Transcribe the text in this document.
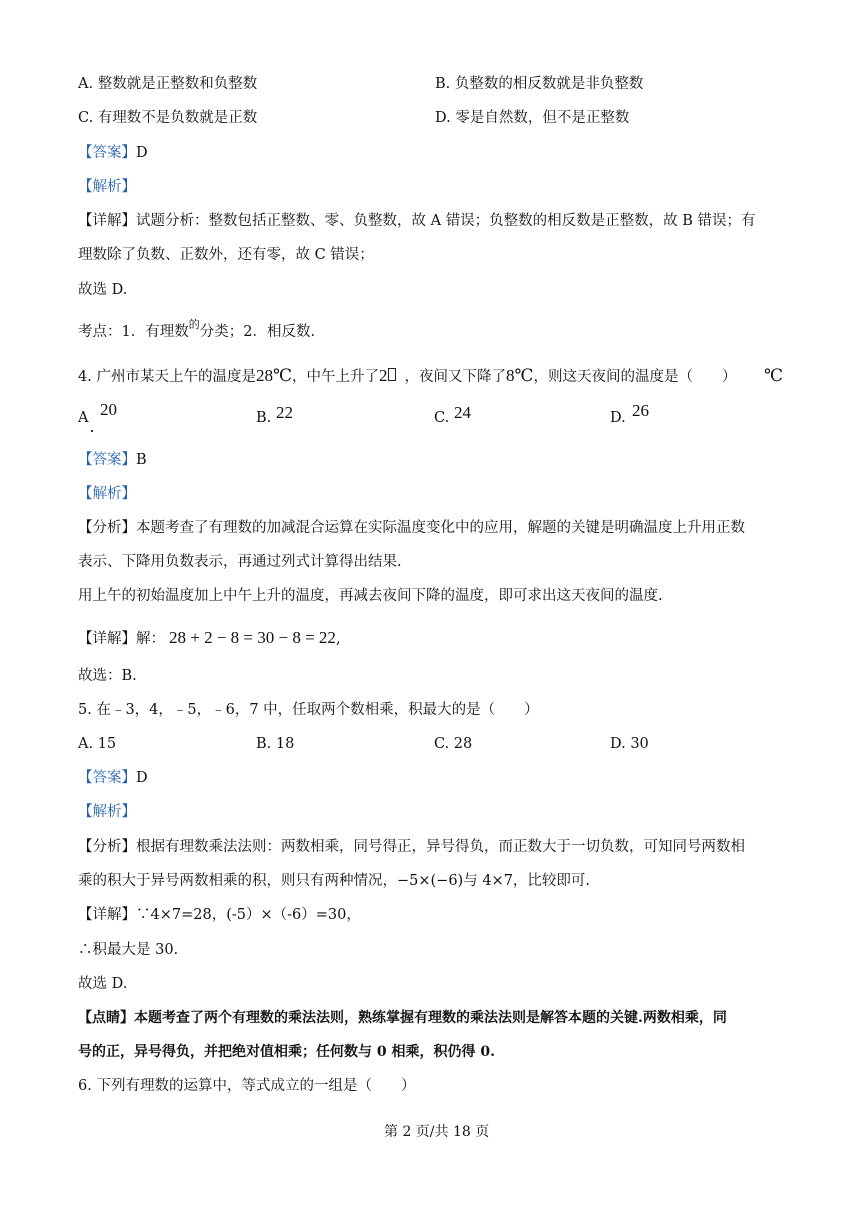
A. 整数就是正整数和负整数	B. 负整数的相反数就是非负整数
C. 有理数不是负数就是正数	D. 零是自然数，但不是正整数
【答案】D
【解析】
【详解】试题分析：整数包括正整数、零、负整数，故 A 错误；负整数的相反数是正整数，故 B 错误；有
理数除了负数、正数外，还有零，故 C 错误；
故选 D.
考点：1．有理数$^的$分类；2．相反数.
4. 广州市某天上午的温度是28℃，中午上升了2 ，夜间又下降了8℃，则这天夜间的温度是（　　） ℃
A 20	B. 22	C. 24	D. 26
【答案】B
【解析】
【分析】本题考查了有理数的加减混合运算在实际温度变化中的应用，解题的关键是明确温度上升用正数
表示、下降用负数表示，再通过列式计算得出结果.
用上午的初始温度加上中午上升的温度，再减去夜间下降的温度，即可求出这天夜间的温度.
【详解】解： 28 + 2 − 8 = 30 − 8 = 22,
故选：B.
5. 在﹣3，4，﹣5，﹣6，7 中，任取两个数相乘，积最大的是（　　）
A. 15	B. 18	C. 28	D. 30
【答案】D
【解析】
【分析】根据有理数乘法法则：两数相乘，同号得正，异号得负，而正数大于一切负数，可知同号两数相
乘的积大于异号两数相乘的积，则只有两种情况，−5×(−6)与 4×7，比较即可.
【详解】∵4×7=28，(-5）×（-6）=30，
∴积最大是 30.
故选 D.
【点睛】本题考查了两个有理数的乘法法则，熟练掌握有理数的乘法法则是解答本题的关键.两数相乘，同
号的正，异号得负，并把绝对值相乘；任何数与 0 相乘，积仍得 0.
6. 下列有理数的运算中，等式成立的一组是（　　）
第 2 页/共 18 页
